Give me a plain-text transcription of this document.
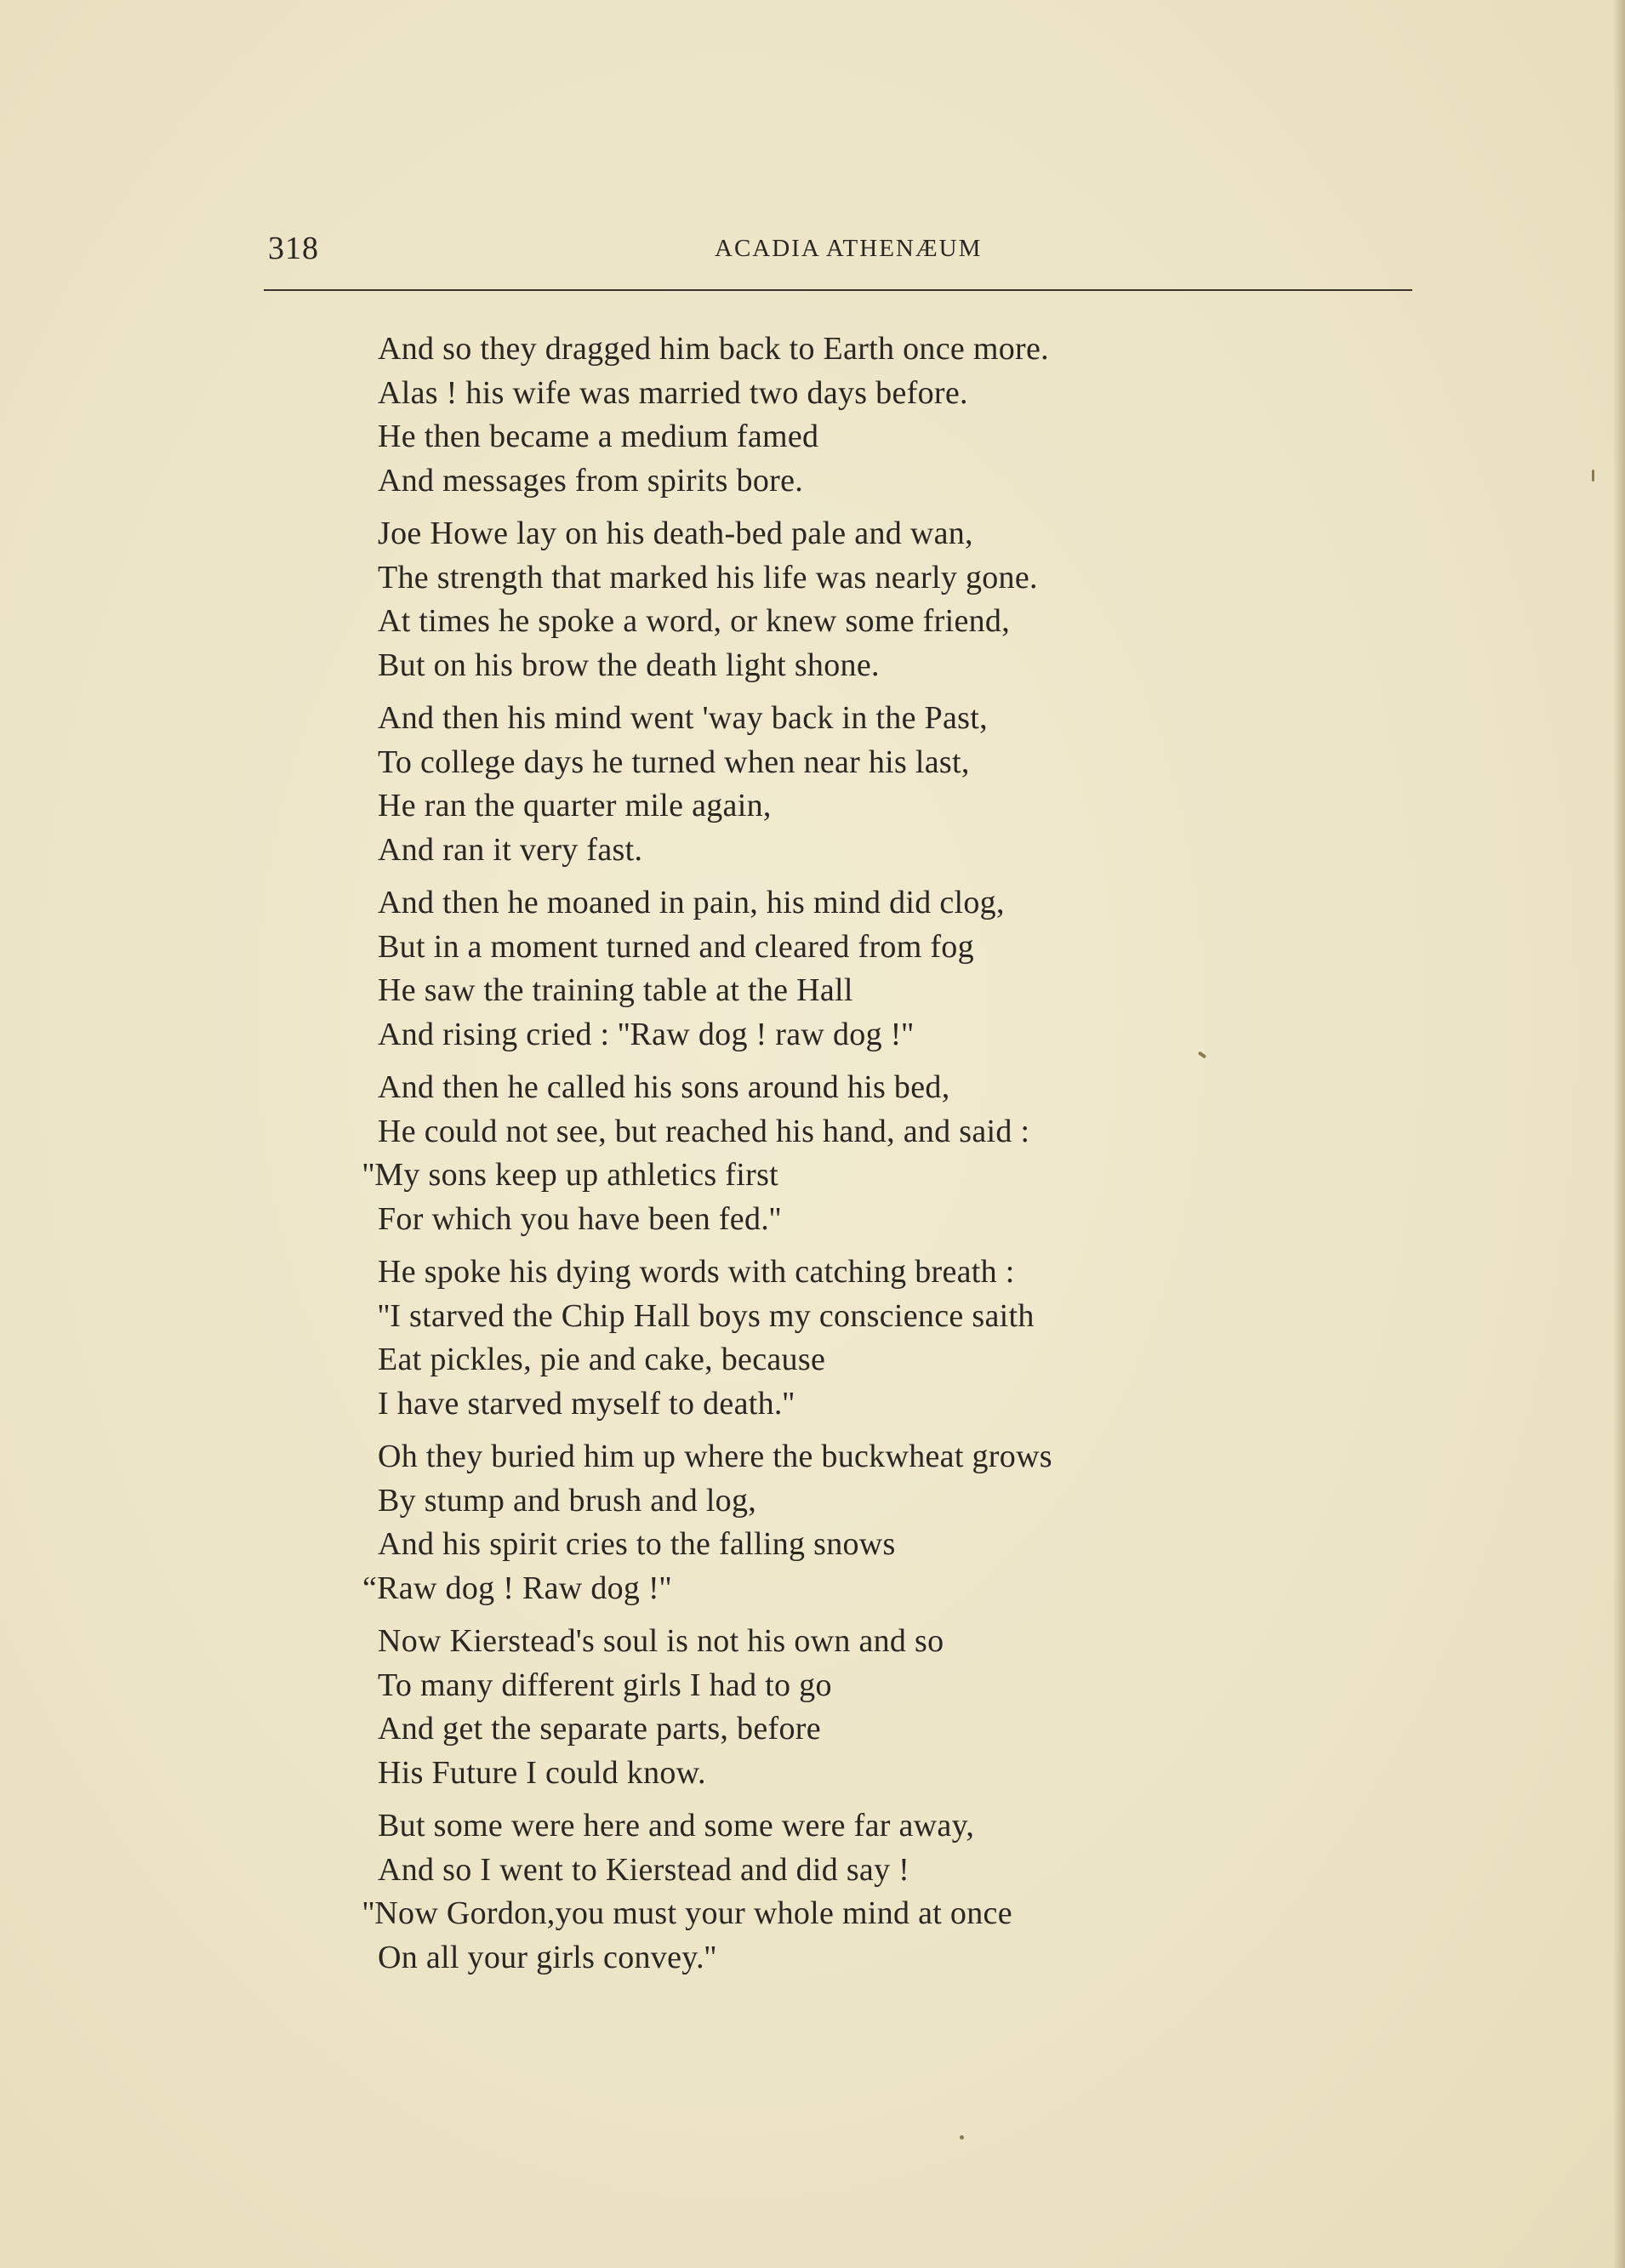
318	ACADIA ATHENÆUM
And so they dragged him back to Earth once more.
Alas ! his wife was married two days before.
He then became a medium famed
And messages from spirits bore.
Joe Howe lay on his death-bed pale and wan,
The strength that marked his life was nearly gone.
At times he spoke a word, or knew some friend,
But on his brow the death light shone.
And then his mind went 'way back in the Past,
To college days he turned when near his last,
He ran the quarter mile again,
And ran it very fast.
And then he moaned in pain, his mind did clog,
But in a moment turned and cleared from fog
He saw the training table at the Hall
And rising cried : ''Raw dog ! raw dog !''
And then he called his sons around his bed,
He could not see, but reached his hand, and said :
''My sons keep up athletics first
For which you have been fed.''
He spoke his dying words with catching breath :
''I starved the Chip Hall boys my conscience saith
Eat pickles, pie and cake, because
I have starved myself to death.''
Oh they buried him up where the buckwheat grows
By stump and brush and log,
And his spirit cries to the falling snows
“Raw dog ! Raw dog !''
Now Kierstead's soul is not his own and so
To many different girls I had to go
And get the separate parts, before
His Future I could know.
But some were here and some were far away,
And so I went to Kierstead and did say !
''Now Gordon,you must your whole mind at once
On all your girls convey.''
